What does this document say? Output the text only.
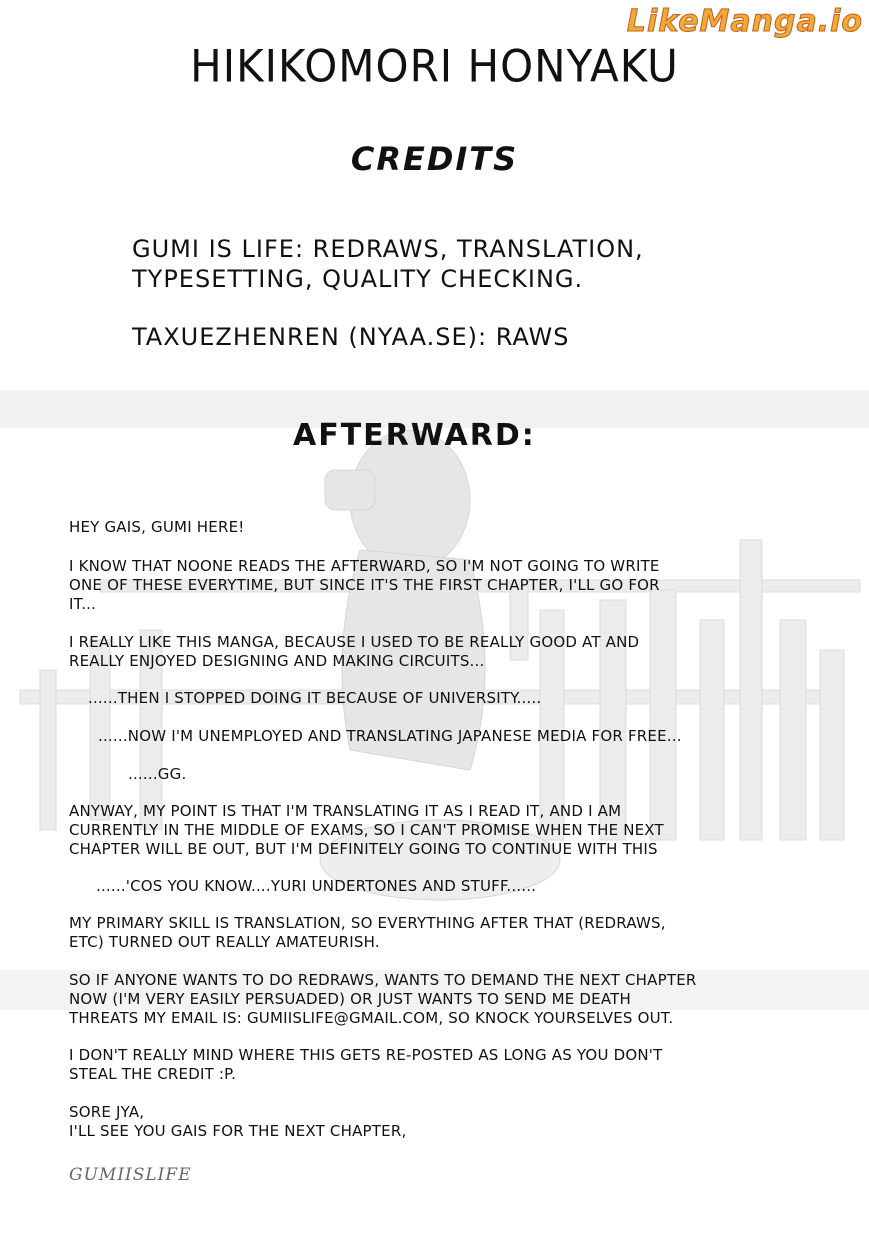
LikeManga.io
HIKIKOMORI HONYAKU
CREDITS
GUMI IS LIFE: REDRAWS, TRANSLATION,
TYPESETTING, QUALITY CHECKING.
TAXUEZHENREN (NYAA.SE): RAWS
AFTERWARD:
HEY GAIS, GUMI HERE!
I KNOW THAT NOONE READS THE AFTERWARD, SO I'M NOT GOING TO WRITE
ONE OF THESE EVERYTIME, BUT SINCE IT'S THE FIRST CHAPTER, I'LL GO FOR
IT...
I REALLY LIKE THIS MANGA, BECAUSE I USED TO BE REALLY GOOD AT AND
REALLY ENJOYED DESIGNING AND MAKING CIRCUITS...
......THEN I STOPPED DOING IT BECAUSE OF UNIVERSITY.....
......NOW I'M UNEMPLOYED AND TRANSLATING JAPANESE MEDIA FOR FREE...
......GG.
ANYWAY, MY POINT IS THAT I'M TRANSLATING IT AS I READ IT, AND I AM
CURRENTLY IN THE MIDDLE OF EXAMS, SO I CAN'T PROMISE WHEN THE NEXT
CHAPTER WILL BE OUT, BUT I'M DEFINITELY GOING TO CONTINUE WITH THIS
......'COS YOU KNOW....YURI UNDERTONES AND STUFF......
MY PRIMARY SKILL IS TRANSLATION, SO EVERYTHING AFTER THAT (REDRAWS,
ETC) TURNED OUT REALLY AMATEURISH.
SO IF ANYONE WANTS TO DO REDRAWS, WANTS TO DEMAND THE NEXT CHAPTER
NOW (I'M VERY EASILY PERSUADED) OR JUST WANTS TO SEND ME DEATH
THREATS MY EMAIL IS: GUMIISLIFE@GMAIL.COM, SO KNOCK YOURSELVES OUT.
I DON'T REALLY MIND WHERE THIS GETS RE-POSTED AS LONG AS YOU DON'T
STEAL THE CREDIT :P.
SORE JYA,
I'LL SEE YOU GAIS FOR THE NEXT CHAPTER,
GUMIISLIFE
